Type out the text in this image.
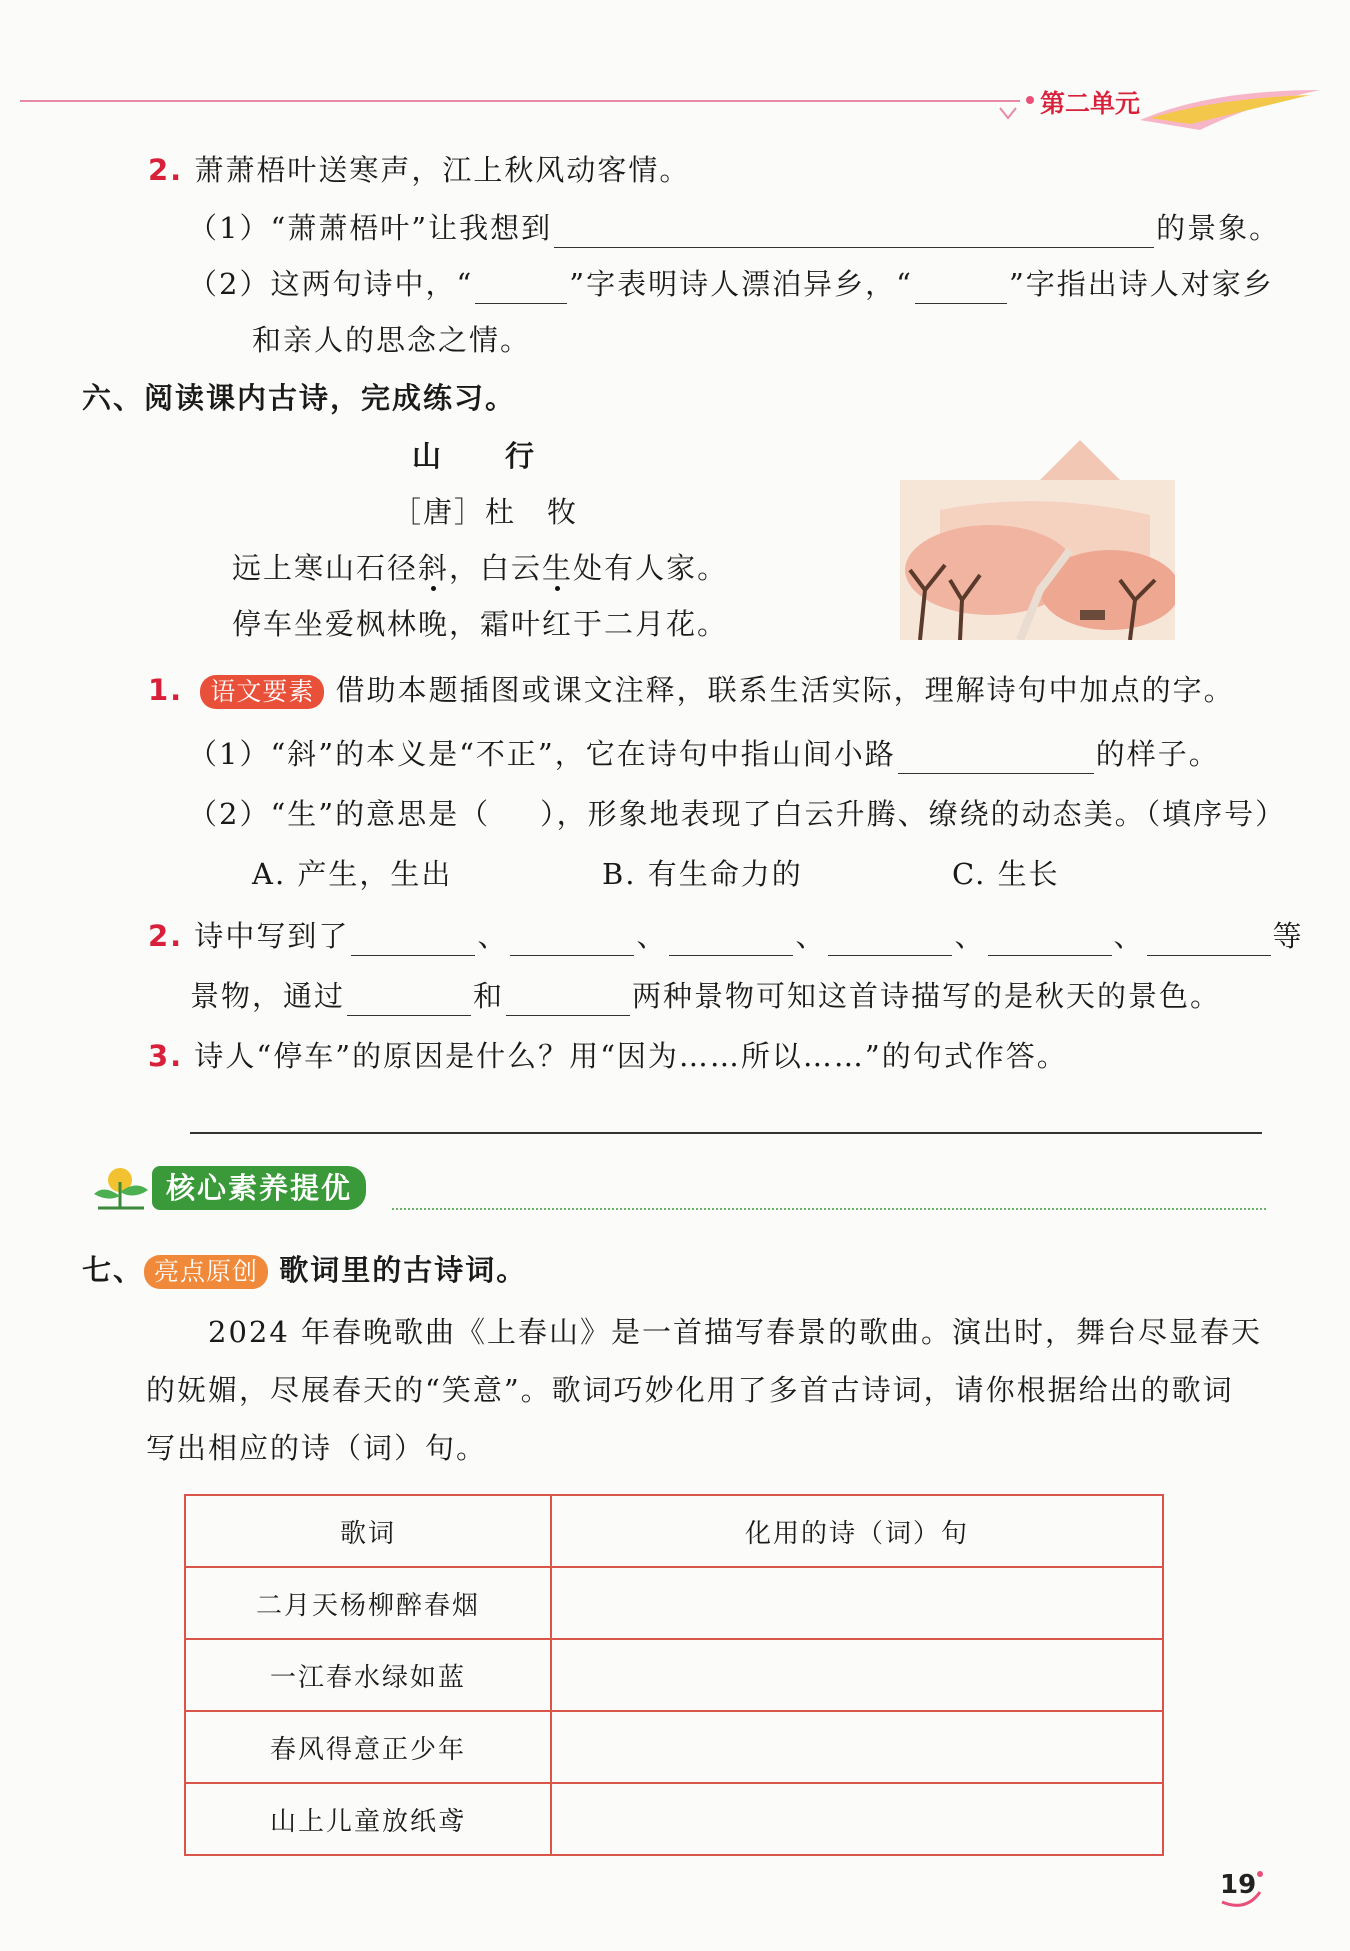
第二单元
2. 萧萧梧叶送寒声，江上秋风动客情。
（1）“萧萧梧叶”让我想到	的景象。
（2）这两句诗中，“	”字表明诗人漂泊异乡，“	”字指出诗人对家乡
和亲人的思念之情。
六、阅读课内古诗，完成练习。
山　　行
［唐］杜　牧
远上寒山石径斜，白云生处有人家。
停车坐爱枫林晚，霜叶红于二月花。
1. 语文要素 借助本题插图或课文注释，联系生活实际，理解诗句中加点的字。
（1）“斜”的本义是“不正”，它在诗句中指山间小路	的样子。
（2）“生”的意思是（ ），形象地表现了白云升腾、缭绕的动态美。（填序号）
A. 产生，生出	B. 有生命力的	C. 生长
2. 诗中写到了	、	、	、	、	、	等
景物，通过	和	两种景物可知这首诗描写的是秋天的景色。
3. 诗人“停车”的原因是什么？用“因为……所以……”的句式作答。
核心素养提优
七、 亮点原创 歌词里的古诗词。
2024 年春晚歌曲《上春山》是一首描写春景的歌曲。演出时，舞台尽显春天
的妩媚，尽展春天的“笑意”。歌词巧妙化用了多首古诗词，请你根据给出的歌词
写出相应的诗（词）句。
歌词	化用的诗（词）句
二月天杨柳醉春烟	
一江春水绿如蓝	
春风得意正少年	
山上儿童放纸鸢	
19
